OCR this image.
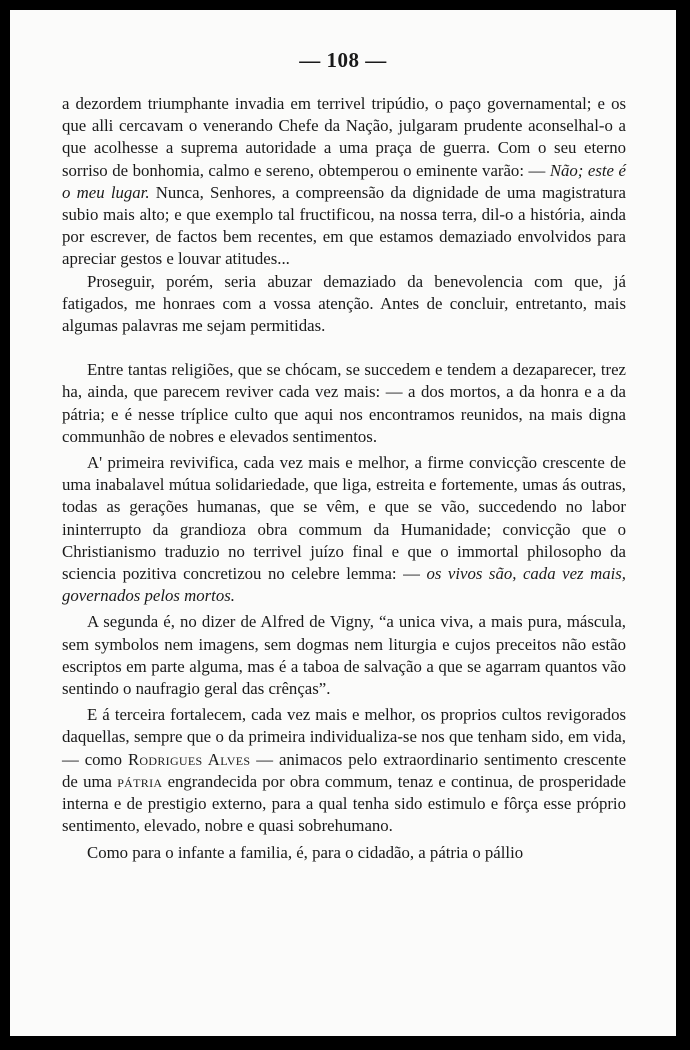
— 108 —

a dezordem triumphante invadia em terrivel tripúdio, o paço governamental; e os que alli cercavam o venerando Chefe da Nação, julgaram prudente aconselhal-o a que acolhesse a suprema autoridade a uma praça de guerra. Com o seu eterno sorriso de bonhomia, calmo e sereno, obtemperou o eminente varão: — Não; este é o meu lugar. Nunca, Senhores, a compreensão da dignidade de uma magistratura subio mais alto; e que exemplo tal fructificou, na nossa terra, dil-o a história, ainda por escrever, de factos bem recentes, em que estamos demaziado envolvidos para apreciar gestos e louvar atitudes...

Proseguir, porém, seria abuzar demaziado da benevolencia com que, já fatigados, me honraes com a vossa atenção. Antes de concluir, entretanto, mais algumas palavras me sejam permitidas.

Entre tantas religiões, que se chócam, se succedem e tendem a dezaparecer, trez ha, ainda, que parecem reviver cada vez mais: — a dos mortos, a da honra e a da pátria; e é nesse tríplice culto que aqui nos encontramos reunidos, na mais digna communhão de nobres e elevados sentimentos.

A' primeira revivifica, cada vez mais e melhor, a firme convicção crescente de uma inabalavel mútua solidariedade, que liga, estreita e fortemente, umas ás outras, todas as gerações humanas, que se vêm, e que se vão, succedendo no labor ininterrupto da grandioza obra commum da Humanidade; convicção que o Christianismo traduzio no terrivel juízo final e que o immortal philosopho da sciencia pozitiva concretizou no celebre lemma: — os vivos são, cada vez mais, governados pelos mortos.

A segunda é, no dizer de Alfred de Vigny, “a unica viva, a mais pura, máscula, sem symbolos nem imagens, sem dogmas nem liturgia e cujos preceitos não estão escriptos em parte alguma, mas é a taboa de salvação a que se agarram quantos vão sentindo o naufragio geral das crênças”.

E á terceira fortalecem, cada vez mais e melhor, os proprios cultos revigorados daquellas, sempre que o da primeira individualiza-se nos que tenham sido, em vida, — como Rodrigues Alves — animacos pelo extraordinario sentimento crescente de uma pátria engrandecida por obra commum, tenaz e continua, de prosperidade interna e de prestigio externo, para a qual tenha sido estimulo e fôrça esse próprio sentimento, elevado, nobre e quasi sobrehumano.

Como para o infante a familia, é, para o cidadão, a pátria o pállio
